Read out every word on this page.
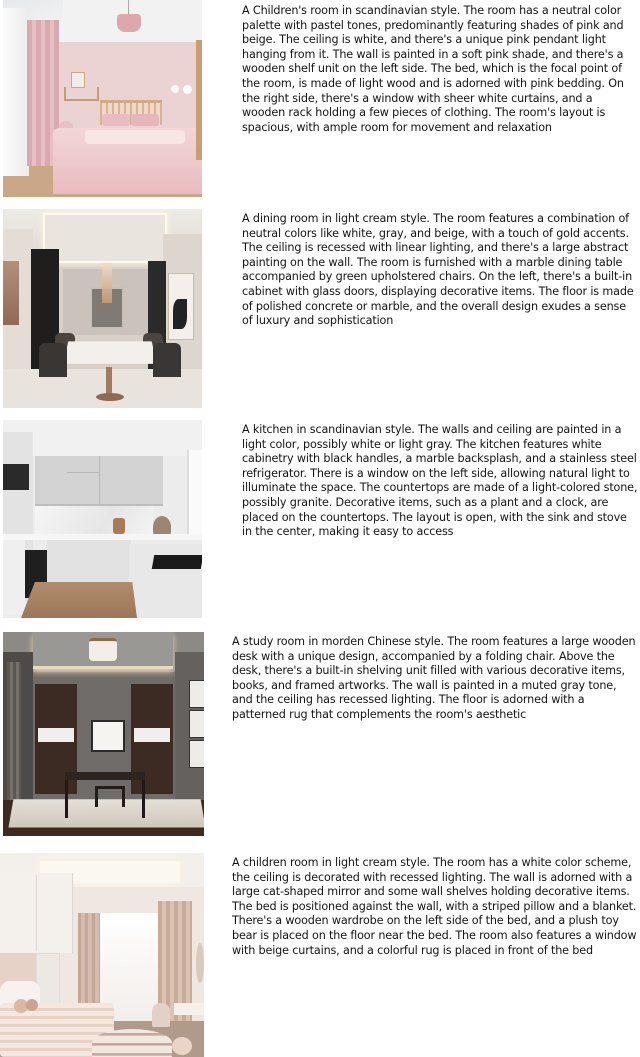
A Children's room in scandinavian style. The room has a neutral color palette with pastel tones, predominantly featuring shades of pink and beige. The ceiling is white, and there's a unique pink pendant light hanging from it. The wall is painted in a soft pink shade, and there's a wooden shelf unit on the left side. The bed, which is the focal point of the room, is made of light wood and is adorned with pink bedding. On the right side, there's a window with sheer white curtains, and a wooden rack holding a few pieces of clothing. The room's layout is spacious, with ample room for movement and relaxation
A dining room in light cream style. The room features a combination of neutral colors like white, gray, and beige, with a touch of gold accents. The ceiling is recessed with linear lighting, and there's a large abstract painting on the wall. The room is furnished with a marble dining table accompanied by green upholstered chairs. On the left, there's a built-in cabinet with glass doors, displaying decorative items. The floor is made of polished concrete or marble, and the overall design exudes a sense of luxury and sophistication
A kitchen in scandinavian style. The walls and ceiling are painted in a light color, possibly white or light gray. The kitchen features white cabinetry with black handles, a marble backsplash, and a stainless steel refrigerator. There is a window on the left side, allowing natural light to illuminate the space. The countertops are made of a light-colored stone, possibly granite. Decorative items, such as a plant and a clock, are placed on the countertops. The layout is open, with the sink and stove in the center, making it easy to access
A study room in morden Chinese style. The room features a large wooden desk with a unique design, accompanied by a folding chair. Above the desk, there's a built-in shelving unit filled with various decorative items, books, and framed artworks. The wall is painted in a muted gray tone, and the ceiling has recessed lighting. The floor is adorned with a patterned rug that complements the room's aesthetic
A children room in light cream style. The room has a white color scheme, the ceiling is decorated with recessed lighting. The wall is adorned with a large cat-shaped mirror and some wall shelves holding decorative items. The bed is positioned against the wall, with a striped pillow and a blanket. There's a wooden wardrobe on the left side of the bed, and a plush toy bear is placed on the floor near the bed. The room also features a window with beige curtains, and a colorful rug is placed in front of the bed
